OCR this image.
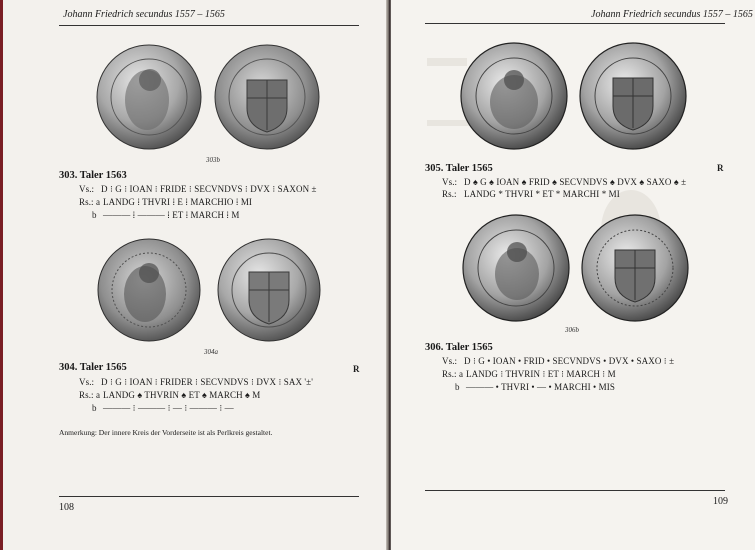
Johann Friedrich secundus 1557 – 1565
303b
303. Taler 1563
Vs.: D ⁝ G ⁝ IOAN ⁝ FRIDE ⁝ SECVNDVS ⁝ DVX ⁝ SAXON ±
Rs.: a LANDG ⁞ THVRI ⁞ E ⁞ MARCHIO ⁞ MI
b ——— ⁞ ——— ⁞ ET ⁞ MARCH ⁞ M
304a
304. Taler 1565	R
Vs.: D ⁝ G ⁝ IOAN ⁝ FRIDER ⁝ SECVNDVS ⁝ DVX ⁝ SAX '±'
Rs.: a LANDG ♠ THVRIN ♠ ET ♠ MARCH ♠ M
b ——— ⁝ ——— ⁝ — ⁝ ——— ⁝ —
Anmerkung: Der innere Kreis der Vorderseite ist als Perlkreis gestaltet.
108
Johann Friedrich secundus 1557 – 1565
305. Taler 1565	R
Vs.: D ♠ G ♠ IOAN ♠ FRID ♠ SECVNDVS ♠ DVX ♠ SAXO ♠ ±
Rs.: LANDG * THVRI * ET * MARCHI * MI
306b
306. Taler 1565
Vs.: D ⁝ G • IOAN • FRID • SECVNDVS • DVX • SAXO ⁝ ±
Rs.: a LANDG ⁝ THVRIN ⁝ ET ⁝ MARCH ⁝ M
b ——— • THVRI • — • MARCHI • MIS
109
